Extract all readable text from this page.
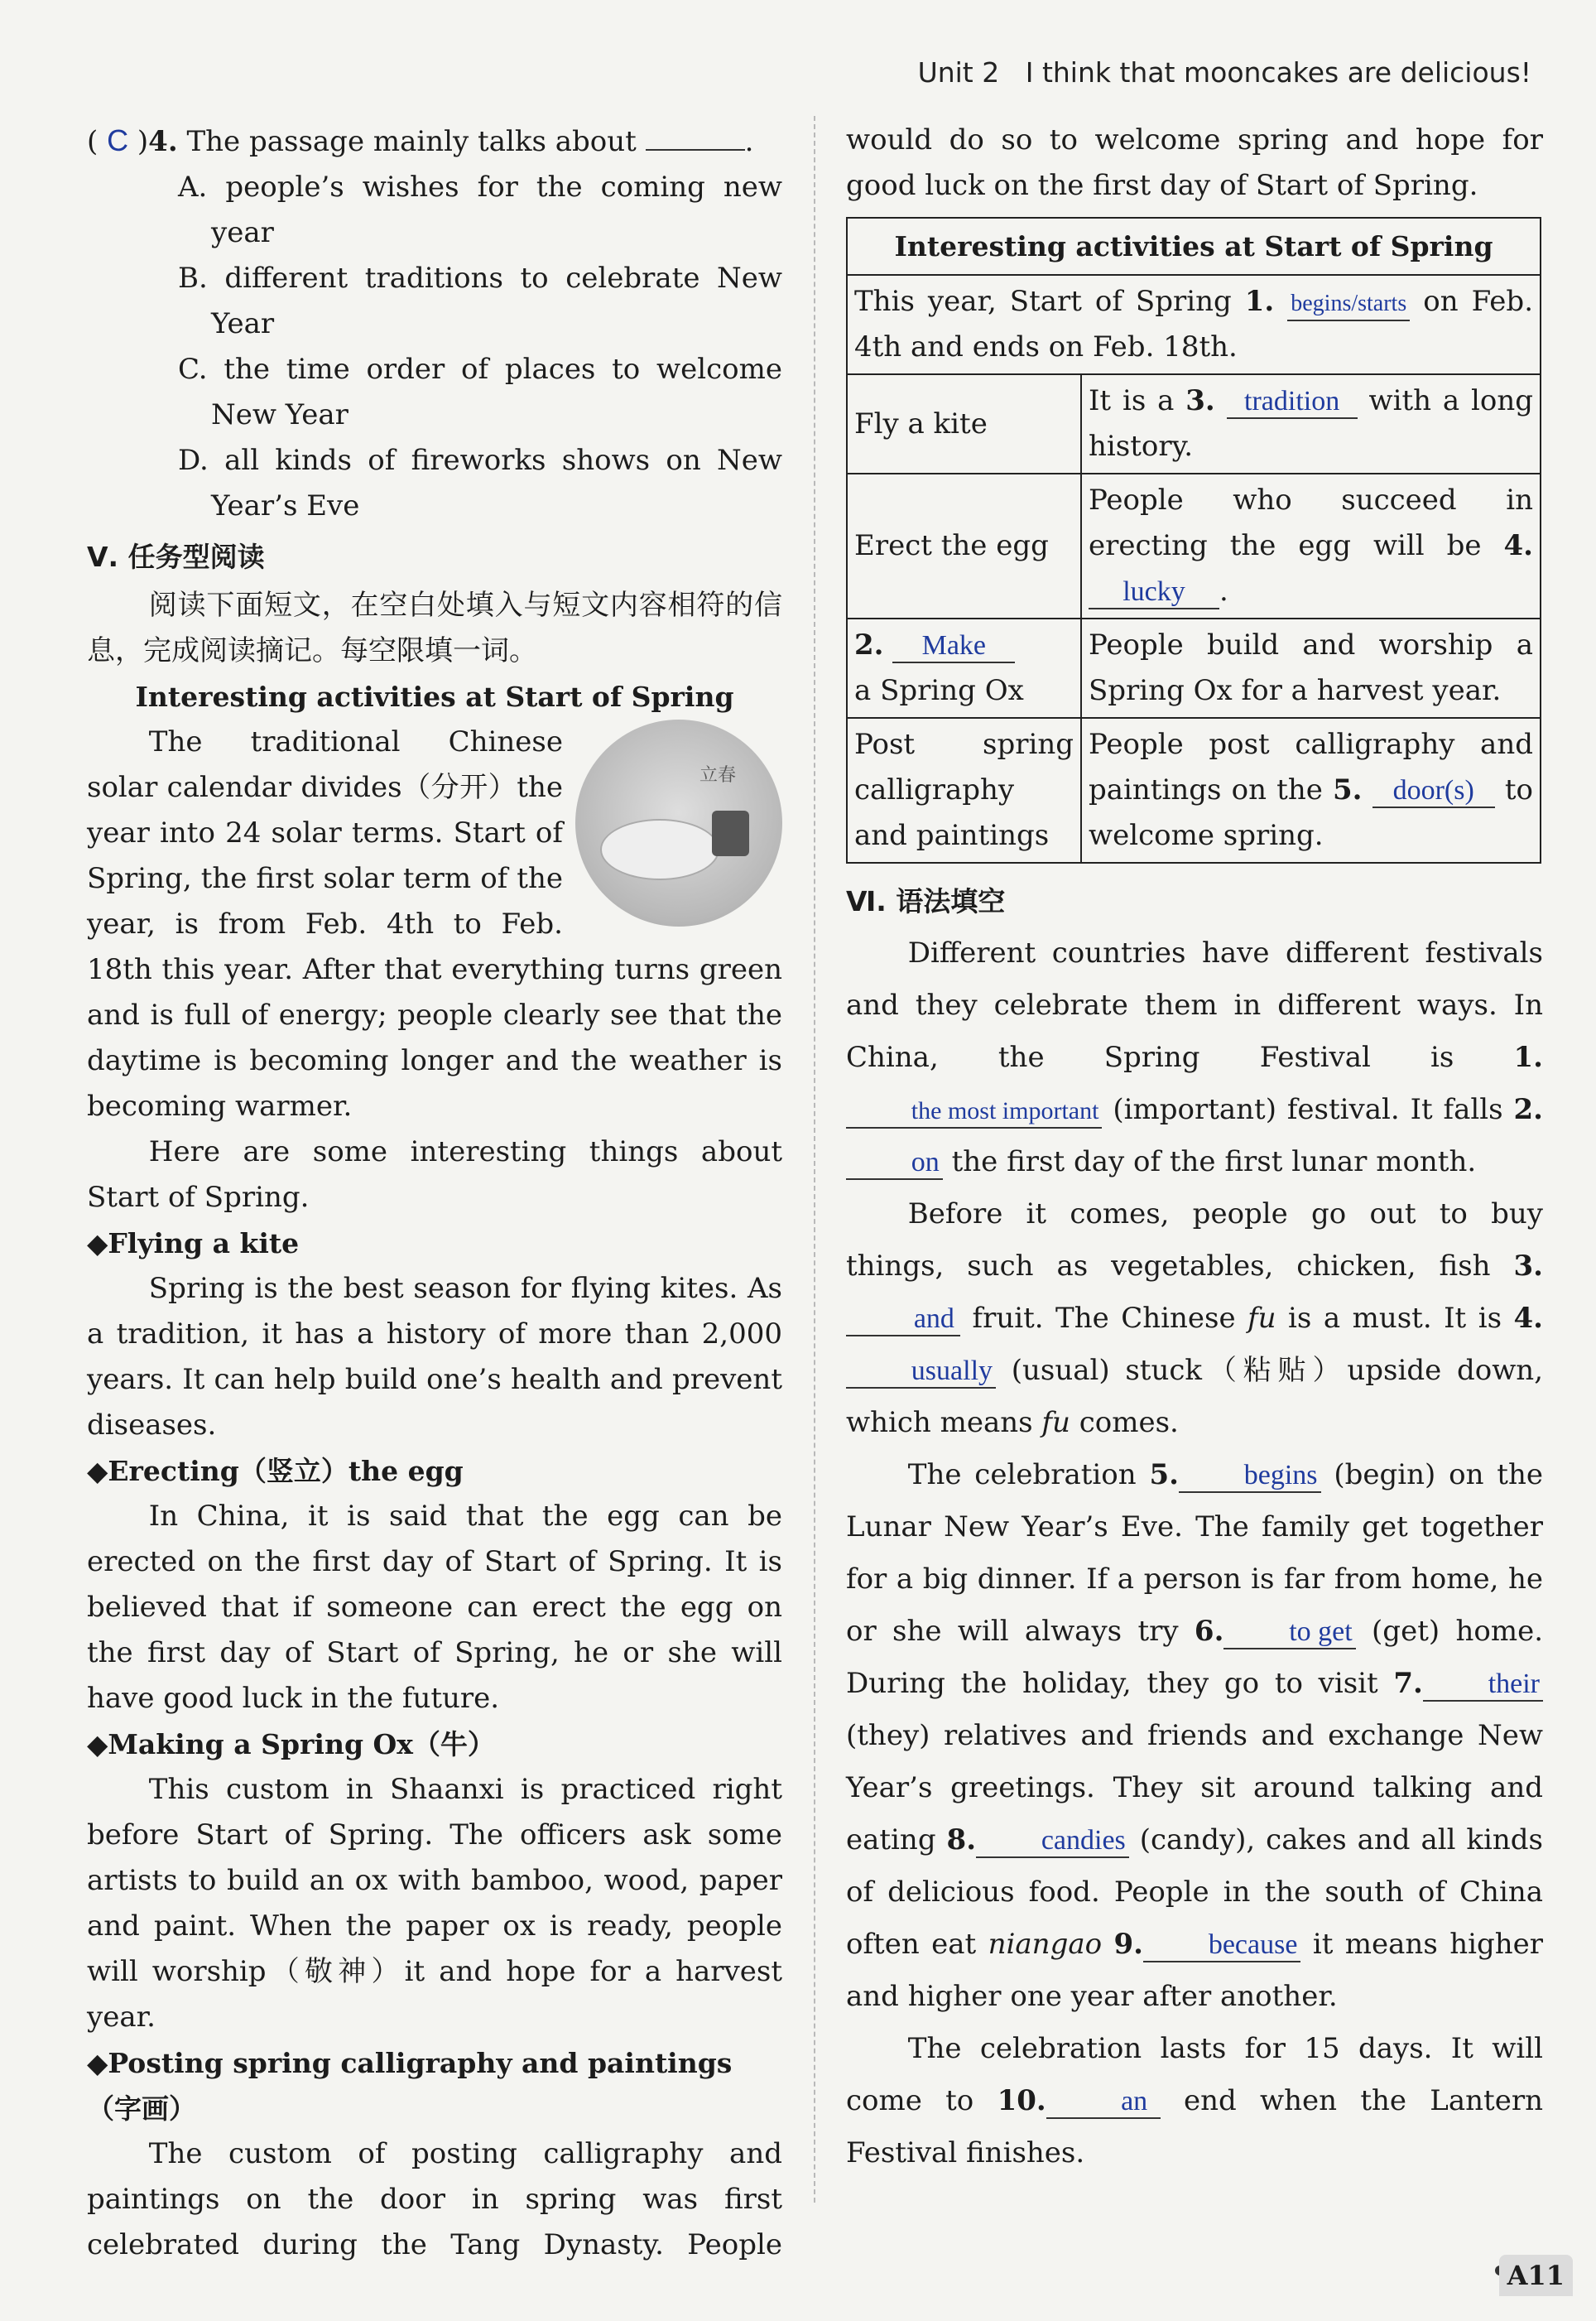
Unit 2 I think that mooncakes are delicious!

( C )4. The passage mainly talks about	.

A. people’s wishes for the coming new year

B. different traditions to celebrate New Year

C. the time order of places to welcome New Year

D. all kinds of fireworks shows on New Year’s Eve

Ⅴ. 任务型阅读

阅读下面短文，在空白处填入与短文内容相符的信息，完成阅读摘记。每空限填一词。

Interesting activities at Start of Spring
立春

The traditional Chinese solar calendar divides（分开）the year into 24 solar terms. Start of Spring, the first solar term of the year, is from Feb. 4th to Feb. 18th this year. After that everything turns green and is full of energy; people clearly see that the daytime is becoming longer and the weather is becoming warmer.

Here are some interesting things about Start of Spring.

◆Flying a kite

Spring is the best season for flying kites. As a tradition, it has a history of more than 2,000 years. It can help build one’s health and prevent diseases.

◆Erecting（竖立）the egg

In China, it is said that the egg can be erected on the first day of Start of Spring. It is believed that if someone can erect the egg on the first day of Start of Spring, he or she will have good luck in the future.

◆Making a Spring Ox（牛）

This custom in Shaanxi is practiced right before Start of Spring. The officers ask some artists to build an ox with bamboo, wood, paper and paint. When the paper ox is ready, people will worship（敬神）it and hope for a harvest year.

◆Posting spring calligraphy and paintings（字画）

The custom of posting calligraphy and paintings on the door in spring was first celebrated during the Tang Dynasty. People

would do so to welcome spring and hope for good luck on the first day of Start of Spring.

Interesting activities at Start of Spring	
This year, Start of Spring 1. begins/starts on Feb. 4th and ends on Feb. 18th.	
Fly a kite	It is a 3. tradition with a long history.
Erect the egg	People who succeed in erecting the egg will be 4. lucky .
2. Make
a Spring Ox	People build and worship a Spring Ox for a harvest year.
Post spring calligraphy and paintings	People post calligraphy and paintings on the 5. door(s) to welcome spring.
Ⅵ. 语法填空

Different countries have different festivals and they celebrate them in different ways. In China, the Spring Festival is 1.the most important (important) festival. It falls 2.on the first day of the first lunar month.

Before it comes, people go out to buy things, such as vegetables, chicken, fish 3.and fruit. The Chinese fu is a must. It is 4.usually (usual) stuck（粘贴）upside down, which means fu comes.

The celebration 5. begins (begin) on the Lunar New Year’s Eve. The family get together for a big dinner. If a person is far from home, he or she will always try 6. to get (get) home. During the holiday, they go to visit 7. their (they) relatives and friends and exchange New Year’s greetings. They sit around talking and eating 8. candies (candy), cakes and all kinds of delicious food. People in the south of China often eat niangao 9. because it means higher and higher one year after another.

The celebration lasts for 15 days. It will come to 10.	an end when the Lantern Festival finishes.

A11
